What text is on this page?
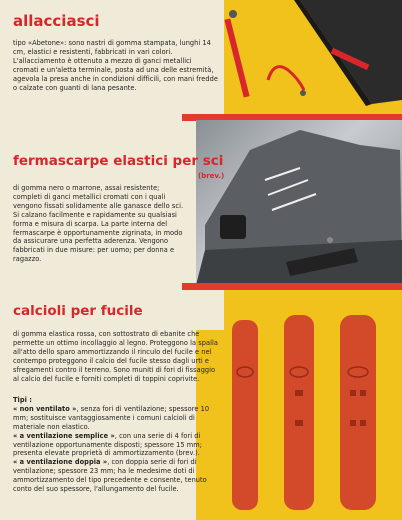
allacciasci
tipo «Abetone»: sono nastri di gomma stampata, lunghi 14 cm, elastici e resistenti, fabbricati in vari colori. L'allacciamento è ottenuto a mezzo di ganci metallici cromati e un'aletta terminale, posta ad una delle estremità, agevola la presa anche in condizioni difficili, con mani fredde o calzate con guanti di lana pesante.
fermascarpe elastici per sci
(brev.)
di gomma nero o marrone, assai resistente; completi di ganci metallici cromati con i quali vengono fissati solidamente alle ganasce dello sci. Si calzano facilmente e rapidamente su qualsiasi forma e misura di scarpa. La parte interna del fermascarpe è opportunamente zigrinata, in modo da assicurare una perfetta aderenza. Vengono fabbricati in due misure: per uomo; per donna e ragazzo.
calcioli per fucile
di gomma elastica rossa, con sottostrato di ebanite che permette un ottimo incollaggio al legno. Proteggono la spalla all'atto dello sparo ammortizzando il rinculo del fucile e nel contempo proteggono il calcio del fucile stesso dagli urti e sfregamenti contro il terreno. Sono muniti di fori di fissaggio al calcio del fucile e forniti completi di toppini coprivite.

Tipi :

« non ventilato », senza fori di ventilazione; spessore 10 mm; sostituisce vantaggiosamente i comuni calcioli di materiale non elastico.

« a ventilazione semplice », con una serie di 4 fori di ventilazione opportunamente disposti; spessore 15 mm; presenta elevate proprietà di ammortizzamento (brev.).

« a ventilazione doppia », con doppia serie di fori di ventilazione; spessore 23 mm; ha le medesime doti di ammortizzamento del tipo precedente e consente, tenuto conto del suo spessore, l'allungamento del fucile.
